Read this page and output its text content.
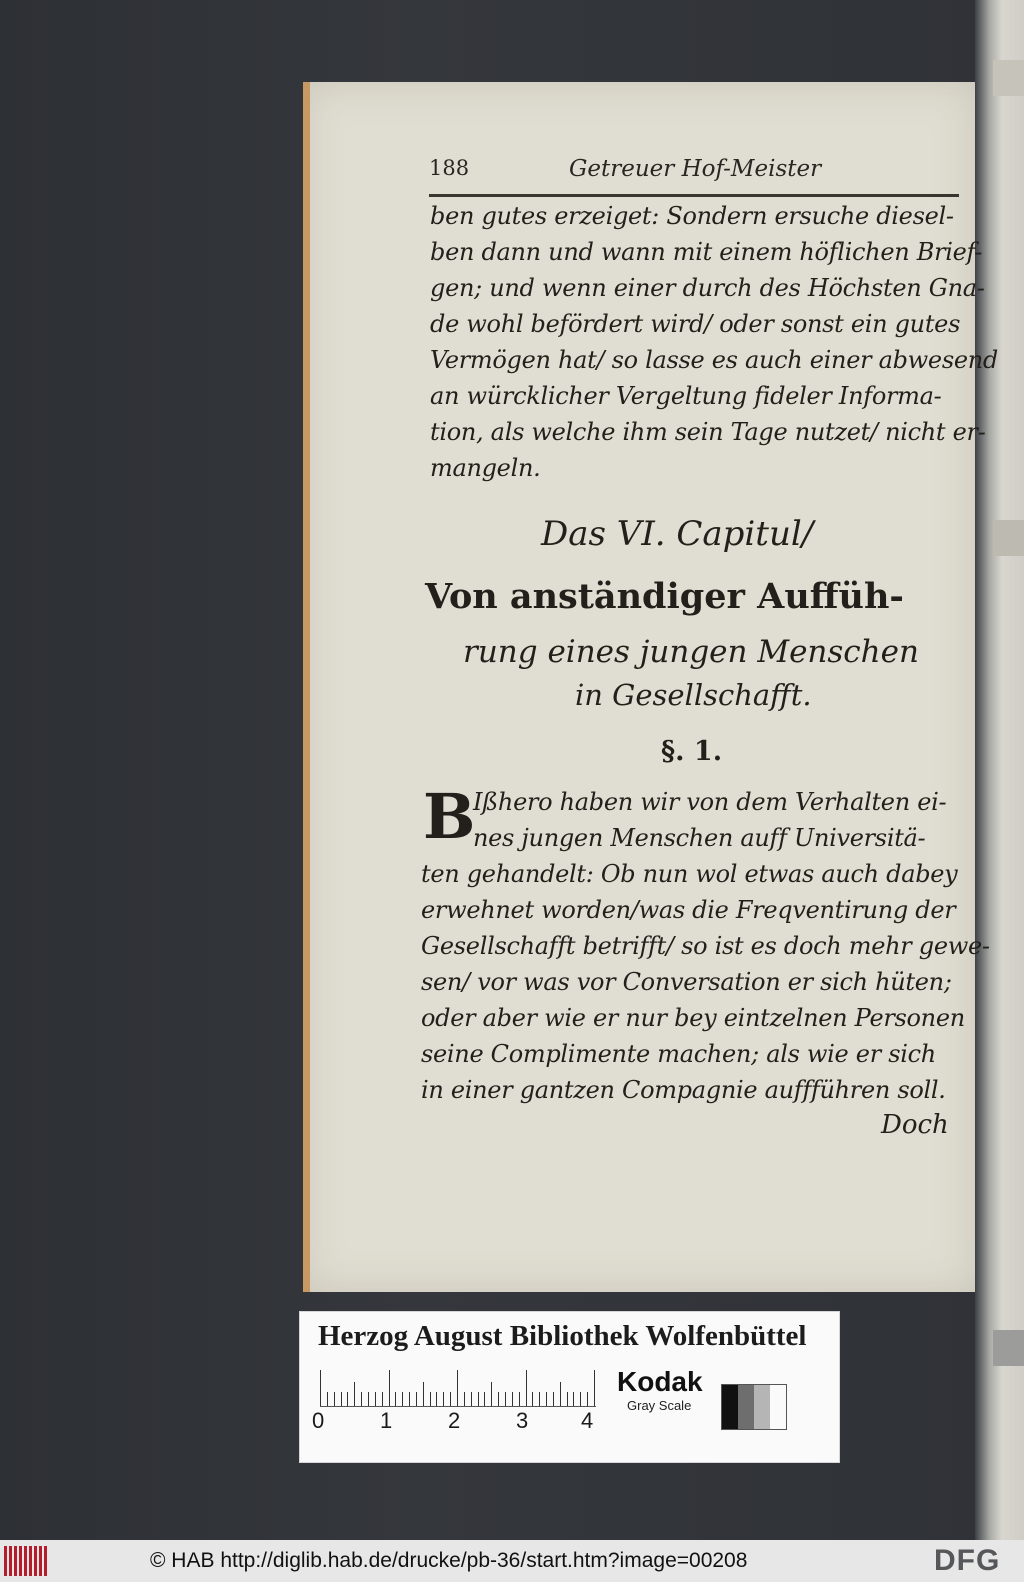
188	Getreuer Hof-Meister
ben gutes erzeiget: Sondern ersuche diesel-
ben dann und wann mit einem höflichen Brief-
gen; und wenn einer durch des Höchsten Gna-
de wohl befördert wird/ oder sonst ein gutes
Vermögen hat/ so lasse es auch einer abwesend
an würcklicher Vergeltung fideler Informa-
tion, als welche ihm sein Tage nutzet/ nicht er-
mangeln.
Das VI. Capitul/
Von anständiger Auffüh-
rung eines jungen Menschen
in Gesellschafft.
§. 1.
B
Ißhero haben wir von dem Verhalten ei-
nes jungen Menschen auff Universitä-
ten gehandelt: Ob nun wol etwas auch dabey
erwehnet worden/was die Freqventirung der
Gesellschafft betrifft/ so ist es doch mehr gewe-
sen/ vor was vor Conversation er sich hüten;
oder aber wie er nur bey eintzelnen Personen
seine Complimente machen; als wie er sich
in einer gantzen Compagnie auffführen soll.
Doch
Herzog August Bibliothek Wolfenbüttel
0	1	2	3 4
Kodak
Gray Scale
© HAB http://diglib.hab.de/drucke/pb-36/start.htm?image=00208	DFG
